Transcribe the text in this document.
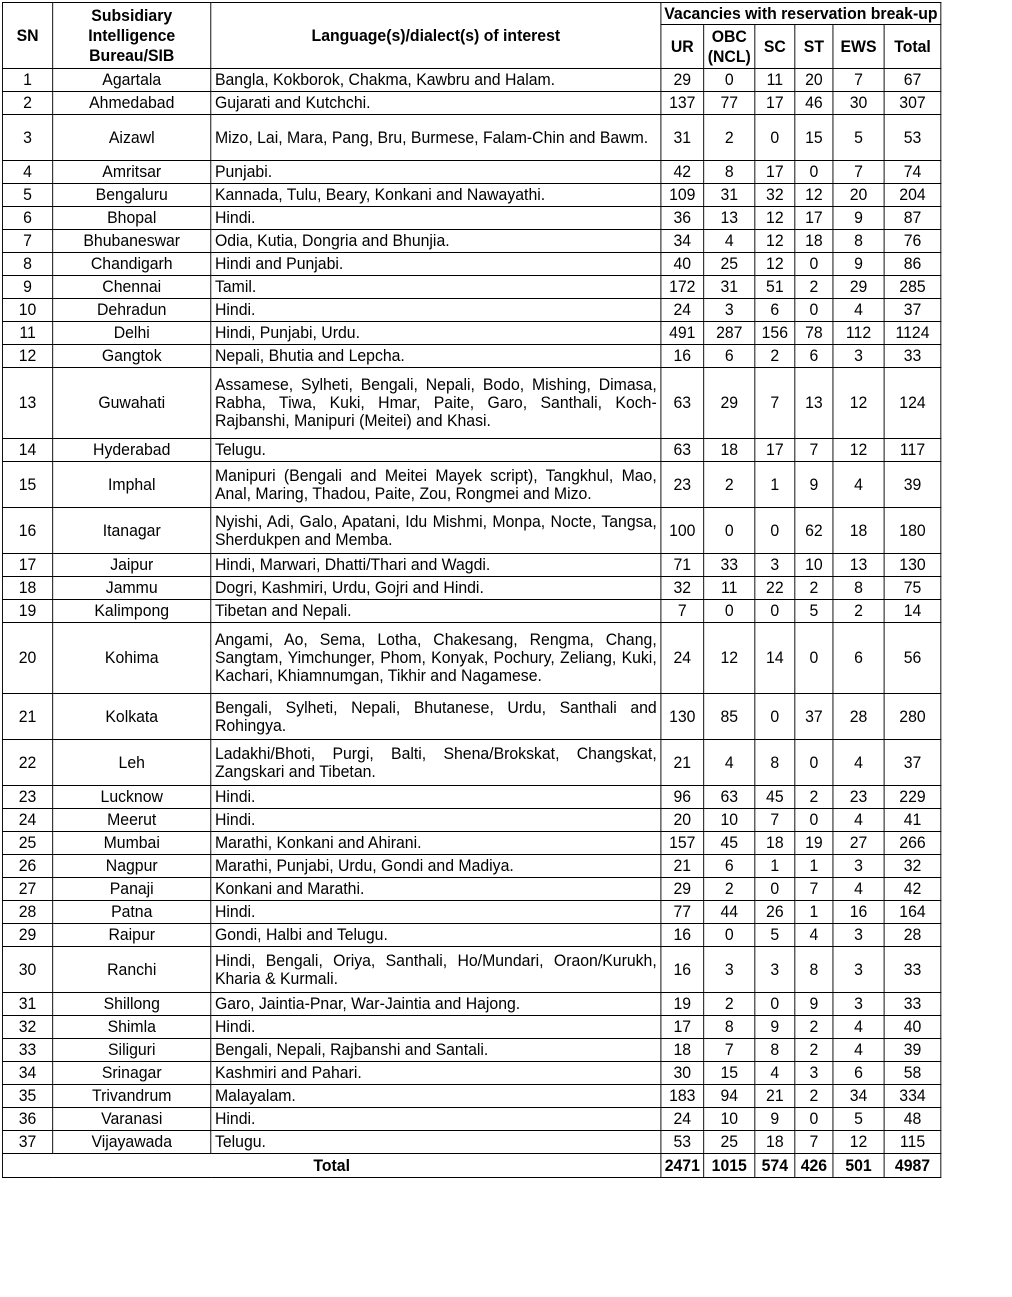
SN	Subsidiary Intelligence Bureau/SIB	Language(s)/dialect(s) of interest	Vacancies with reservation break-up					
			UR	OBC (NCL)	SC	ST	EWS	Total
1	Agartala	Bangla, Kokborok, Chakma, Kawbru and Halam.	29	0	11	20	7	67
2	Ahmedabad	Gujarati and Kutchchi.	137	77	17	46	30	307
3	Aizawl	Mizo, Lai, Mara, Pang, Bru, Burmese, Falam-Chin and Bawm.	31	2	0	15	5	53
4	Amritsar	Punjabi.	42	8	17	0	7	74
5	Bengaluru	Kannada, Tulu, Beary, Konkani and Nawayathi.	109	31	32	12	20	204
6	Bhopal	Hindi.	36	13	12	17	9	87
7	Bhubaneswar	Odia, Kutia, Dongria and Bhunjia.	34	4	12	18	8	76
8	Chandigarh	Hindi and Punjabi.	40	25	12	0	9	86
9	Chennai	Tamil.	172	31	51	2	29	285
10	Dehradun	Hindi.	24	3	6	0	4	37
11	Delhi	Hindi, Punjabi, Urdu.	491	287	156	78	112	1124
12	Gangtok	Nepali, Bhutia and Lepcha.	16	6	2	6	3	33
13	Guwahati	Assamese, Sylheti, Bengali, Nepali, Bodo, Mishing, Dimasa, Rabha, Tiwa, Kuki, Hmar, Paite, Garo, Santhali, Koch-Rajbanshi, Manipuri (Meitei) and Khasi.	63	29	7	13	12	124
14	Hyderabad	Telugu.	63	18	17	7	12	117
15	Imphal	Manipuri (Bengali and Meitei Mayek script), Tangkhul, Mao, Anal, Maring, Thadou, Paite, Zou, Rongmei and Mizo.	23	2	1	9	4	39
16	Itanagar	Nyishi, Adi, Galo, Apatani, Idu Mishmi, Monpa, Nocte, Tangsa, Sherdukpen and Memba.	100	0	0	62	18	180
17	Jaipur	Hindi, Marwari, Dhatti/Thari and Wagdi.	71	33	3	10	13	130
18	Jammu	Dogri, Kashmiri, Urdu, Gojri and Hindi.	32	11	22	2	8	75
19	Kalimpong	Tibetan and Nepali.	7	0	0	5	2	14
20	Kohima	Angami, Ao, Sema, Lotha, Chakesang, Rengma, Chang, Sangtam, Yimchunger, Phom, Konyak, Pochury, Zeliang, Kuki, Kachari, Khiamnumgan, Tikhir and Nagamese.	24	12	14	0	6	56
21	Kolkata	Bengali, Sylheti, Nepali, Bhutanese, Urdu, Santhali and Rohingya.	130	85	0	37	28	280
22	Leh	Ladakhi/Bhoti, Purgi, Balti, Shena/Brokskat, Changskat, Zangskari and Tibetan.	21	4	8	0	4	37
23	Lucknow	Hindi.	96	63	45	2	23	229
24	Meerut	Hindi.	20	10	7	0	4	41
25	Mumbai	Marathi, Konkani and Ahirani.	157	45	18	19	27	266
26	Nagpur	Marathi, Punjabi, Urdu, Gondi and Madiya.	21	6	1	1	3	32
27	Panaji	Konkani and Marathi.	29	2	0	7	4	42
28	Patna	Hindi.	77	44	26	1	16	164
29	Raipur	Gondi, Halbi and Telugu.	16	0	5	4	3	28
30	Ranchi	Hindi, Bengali, Oriya, Santhali, Ho/Mundari, Oraon/Kurukh, Kharia & Kurmali.	16	3	3	8	3	33
31	Shillong	Garo, Jaintia-Pnar, War-Jaintia and Hajong.	19	2	0	9	3	33
32	Shimla	Hindi.	17	8	9	2	4	40
33	Siliguri	Bengali, Nepali, Rajbanshi and Santali.	18	7	8	2	4	39
34	Srinagar	Kashmiri and Pahari.	30	15	4	3	6	58
35	Trivandrum	Malayalam.	183	94	21	2	34	334
36	Varanasi	Hindi.	24	10	9	0	5	48
37	Vijayawada	Telugu.	53	25	18	7	12	115
Total			2471	1015	574	426	501	4987
